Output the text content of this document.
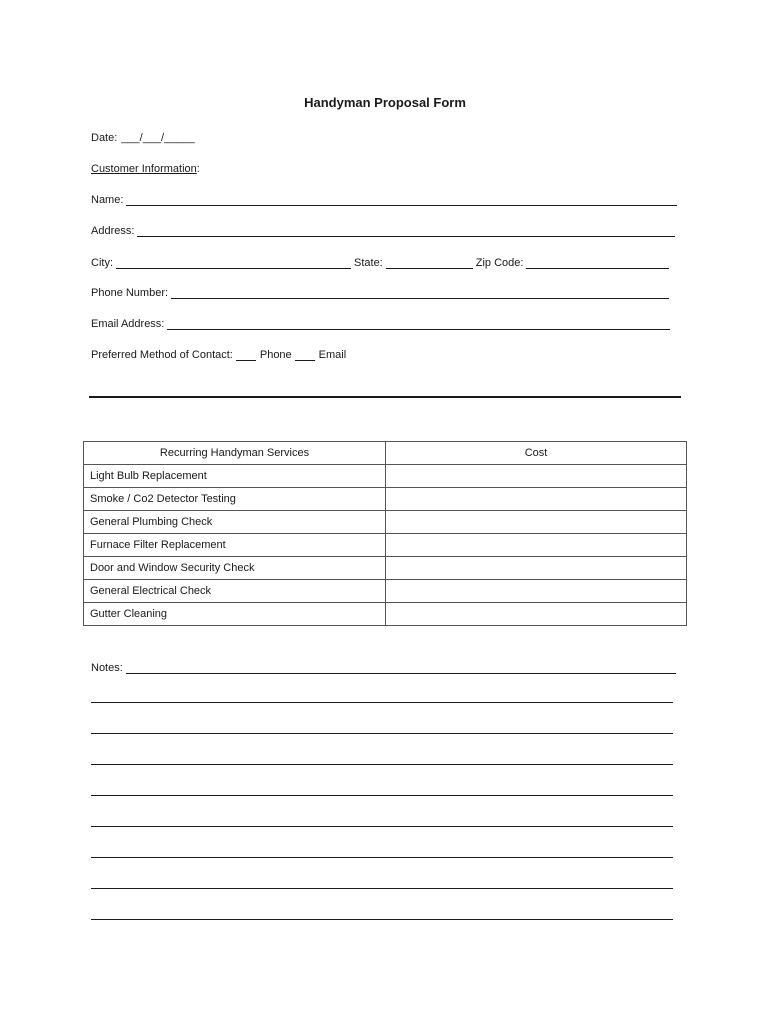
Handyman Proposal Form
Date: ___/___/_____
Customer Information :
Name:
Address:
City:	State:	Zip Code:
Phone Number:
Email Address:
Preferred Method of Contact: Phone Email
Recurring Handyman Services	Cost
Light Bulb Replacement	
Smoke / Co2 Detector Testing	
General Plumbing Check	
Furnace Filter Replacement	
Door and Window Security Check	
General Electrical Check	
Gutter Cleaning	
Notes:
